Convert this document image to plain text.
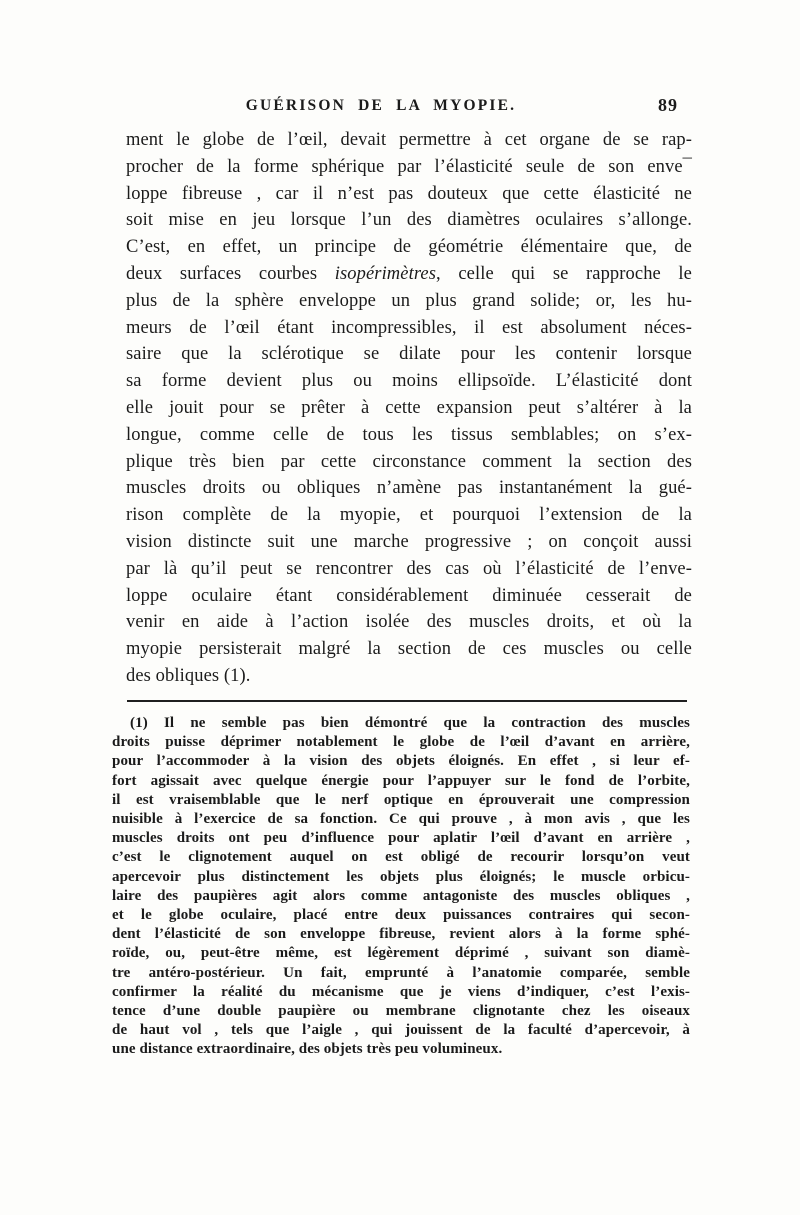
GUÉRISON DE LA MYOPIE.	89
ment le globe de l’œil, devait permettre à cet organe de se rap-
procher de la forme sphérique par l’élasticité seule de son enve¯
loppe fibreuse , car il n’est pas douteux que cette élasticité ne
soit mise en jeu lorsque l’un des diamètres oculaires s’allonge.
C’est, en effet, un principe de géométrie élémentaire que, de
deux surfaces courbes isopérimètres, celle qui se rapproche le
plus de la sphère enveloppe un plus grand solide; or, les hu-
meurs de l’œil étant incompressibles, il est absolument néces-
saire que la sclérotique se dilate pour les contenir lorsque
sa forme devient plus ou moins ellipsoïde. L’élasticité dont
elle jouit pour se prêter à cette expansion peut s’altérer à la
longue, comme celle de tous les tissus semblables; on s’ex-
plique très bien par cette circonstance comment la section des
muscles droits ou obliques n’amène pas instantanément la gué-
rison complète de la myopie, et pourquoi l’extension de la
vision distincte suit une marche progressive ; on conçoit aussi
par là qu’il peut se rencontrer des cas où l’élasticité de l’enve-
loppe oculaire étant considérablement diminuée cesserait de
venir en aide à l’action isolée des muscles droits, et où la
myopie persisterait malgré la section de ces muscles ou celle
des obliques (1).
(1) Il ne semble pas bien démontré que la contraction des muscles
droits puisse déprimer notablement le globe de l’œil d’avant en arrière,
pour l’accommoder à la vision des objets éloignés. En effet , si leur ef-
fort agissait avec quelque énergie pour l’appuyer sur le fond de l’orbite,
il est vraisemblable que le nerf optique en éprouverait une compression
nuisible à l’exercice de sa fonction. Ce qui prouve , à mon avis , que les
muscles droits ont peu d’influence pour aplatir l’œil d’avant en arrière ,
c’est le clignotement auquel on est obligé de recourir lorsqu’on veut
apercevoir plus distinctement les objets plus éloignés; le muscle orbicu-
laire des paupières agit alors comme antagoniste des muscles obliques ,
et le globe oculaire, placé entre deux puissances contraires qui secon-
dent l’élasticité de son enveloppe fibreuse, revient alors à la forme sphé-
roïde, ou, peut-être même, est légèrement déprimé , suivant son diamè-
tre antéro-postérieur. Un fait, emprunté à l’anatomie comparée, semble
confirmer la réalité du mécanisme que je viens d’indiquer, c’est l’exis-
tence d’une double paupière ou membrane clignotante chez les oiseaux
de haut vol , tels que l’aigle , qui jouissent de la faculté d’apercevoir, à
une distance extraordinaire, des objets très peu volumineux.
